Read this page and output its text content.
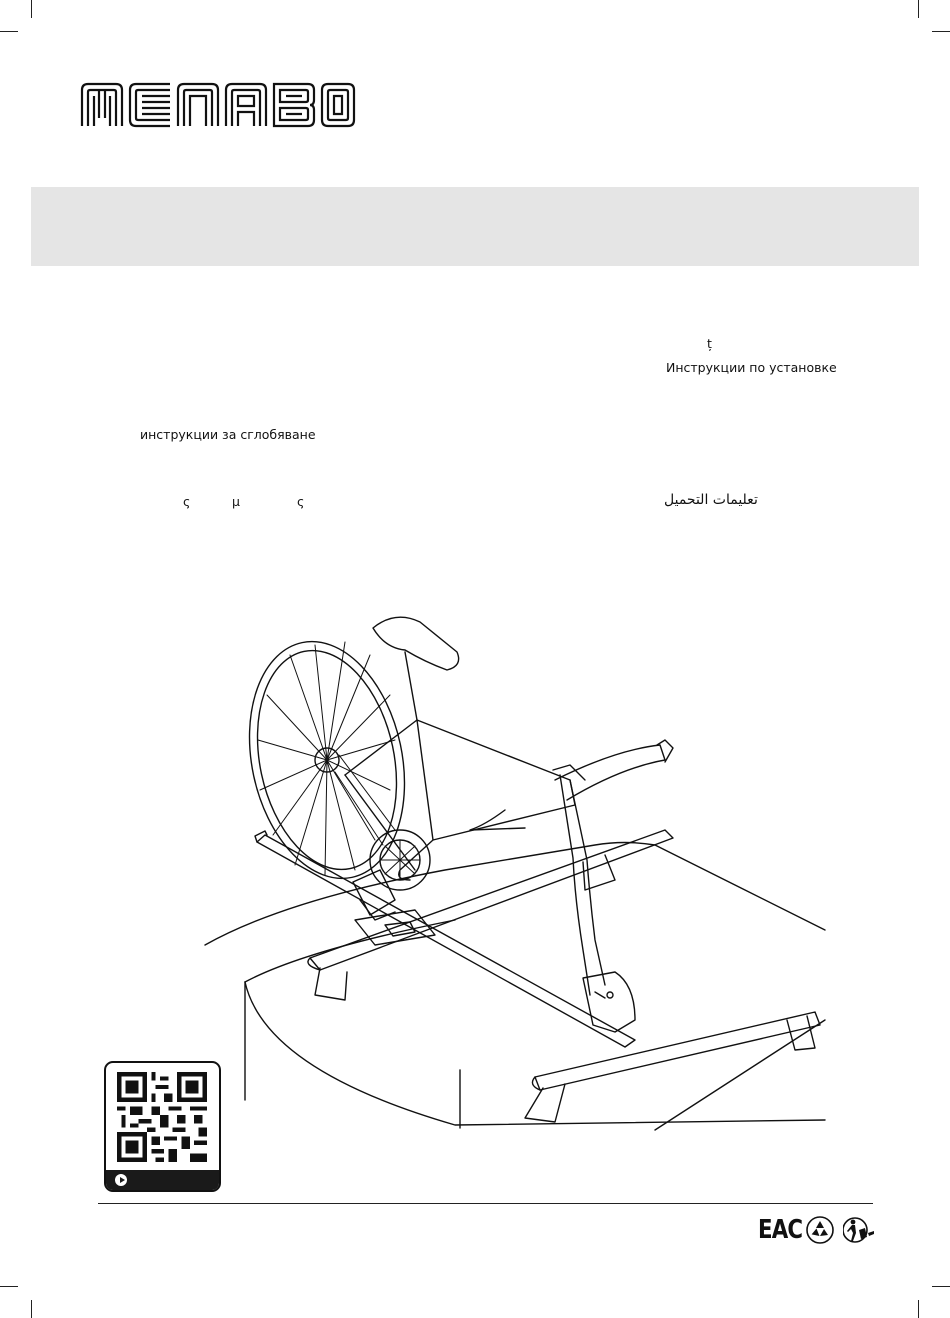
ț
Инструкции по установке
инструкции за сглобяване
ς	μ	ς	تعليمات التحميل
EAC
